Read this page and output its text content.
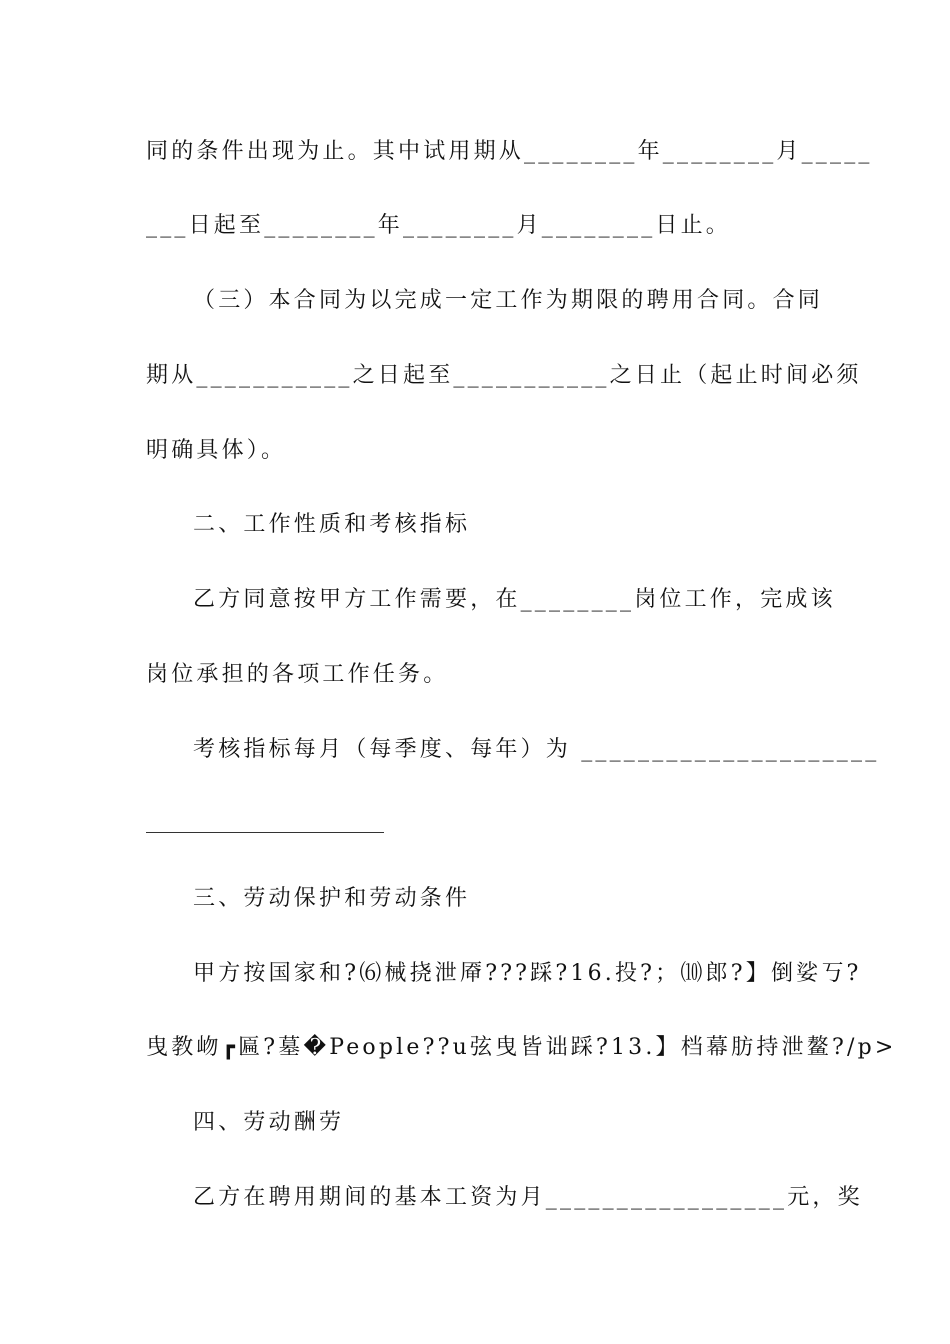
同的条件出现为止。其中试用期从________年________月_____
___日起至________年________月________日止。
（三）本合同为以完成一定工作为期限的聘用合同。合同
期从___________之日起至___________之日止（起止时间必须
明确具体）。
二、工作性质和考核指标
乙方同意按甲方工作需要，在________岗位工作，完成该
岗位承担的各项工作任务。
考核指标每月（每季度、每年）为 _____________________
三、劳动保护和劳动条件
甲方按国家和?⑹械挠泄厣???踩?16.投?；⑽郎?】倒娑丂?
曳教岉┏匾?墓�People??u弦曳皆诎踩?13.】档幕肪持泄鳌?/p>
四、劳动酬劳
乙方在聘用期间的基本工资为月_________________元，奖
